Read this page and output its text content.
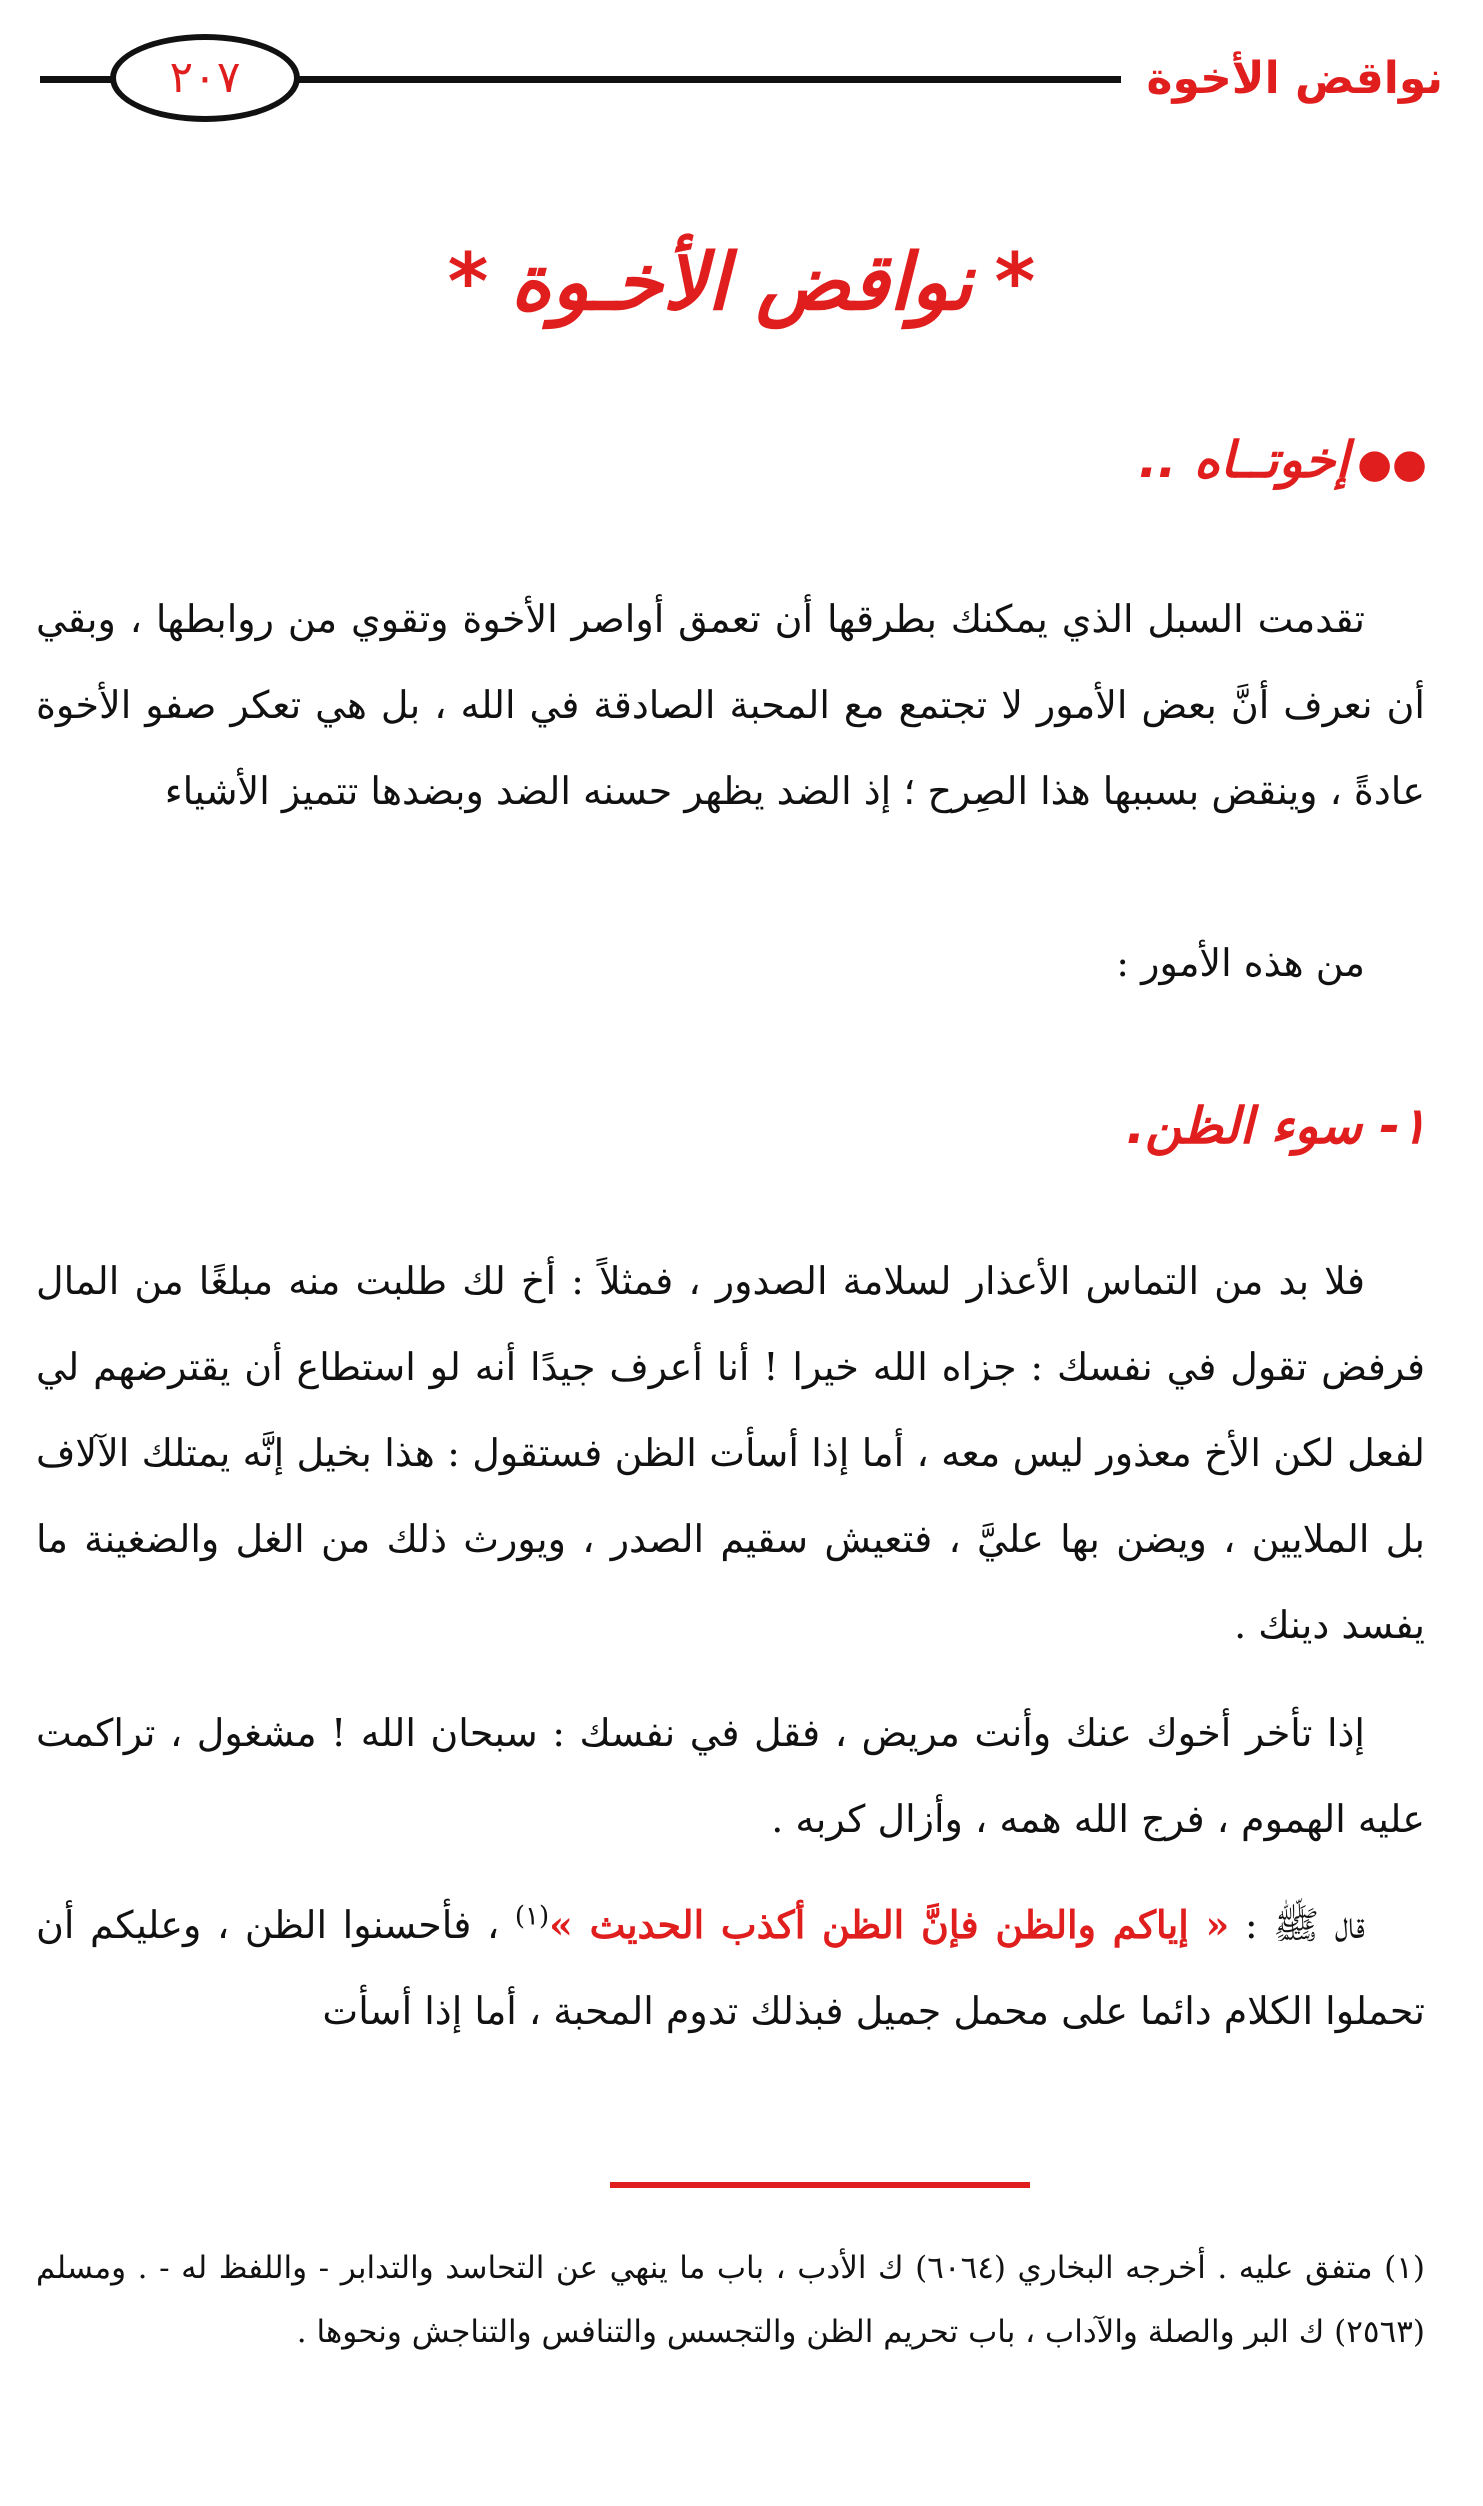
نواقض الأخوة
٢٠٧
*نواقض الأخـوة*
●●إخوتــاه ..

تقدمت السبل الذي يمكنك بطرقها أن تعمق أواصر الأخوة وتقوي من روابطها ، وبقي أن نعرف أنَّ بعض الأمور لا تجتمع مع المحبة الصادقة في الله ، بل هي تعكر صفو الأخوة عادةً ، وينقض بسببها هذا الصِرح ؛ إذ الضد يظهر حسنه الضد وبضدها تتميز الأشياء

من هذه الأمور :

١- سوء الظن.

فلا بد من التماس الأعذار لسلامة الصدور ، فمثلاً : أخ لك طلبت منه مبلغًا من المال فرفض تقول في نفسك : جزاه الله خيرا ! أنا أعرف جيدًا أنه لو استطاع أن يقترضهم لي لفعل لكن الأخ معذور ليس معه ، أما إذا أسأت الظن فستقول : هذا بخيل إنَّه يمتلك الآلاف بل الملايين ، ويضن بها عليَّ ، فتعيش سقيم الصدر ، ويورث ذلك من الغل والضغينة ما يفسد دينك .

إذا تأخر أخوك عنك وأنت مريض ، فقل في نفسك : سبحان الله ! مشغول ، تراكمت عليه الهموم ، فرج الله همه ، وأزال كربه .

قال ﷺ : « إياكم والظن فإنَّ الظن أكذب الحديث »$^{(١)}$ ، فأحسنوا الظن ، وعليكم أن تحملوا الكلام دائما على محمل جميل فبذلك تدوم المحبة ، أما إذا أسأت

(١) متفق عليه . أخرجه البخاري (٦٠٦٤) ك الأدب ، باب ما ينهي عن التحاسد والتدابر - واللفظ له - . ومسلم (٢٥٦٣) ك البر والصلة والآداب ، باب تحريم الظن والتجسس والتنافس والتناجش ونحوها .
